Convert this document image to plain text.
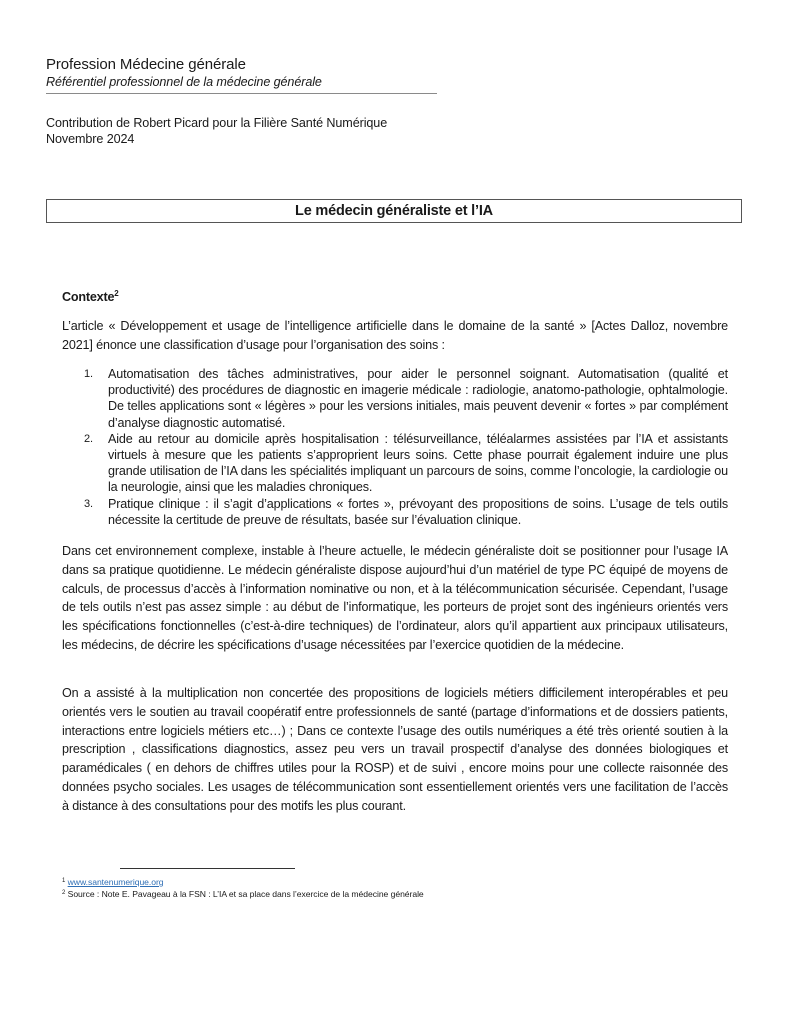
Profession Médecine générale
Référentiel professionnel de la médecine générale
Contribution de Robert Picard pour la Filière Santé Numérique
Novembre 2024
Le médecin généraliste et l’IA
Contexte$^2$
L’article « Développement et usage de l’intelligence artificielle dans le domaine de la santé » [Actes Dalloz, novembre 2021] énonce une classification d’usage pour l’organisation des soins :
1. Automatisation des tâches administratives, pour aider le personnel soignant. Automatisation (qualité et productivité) des procédures de diagnostic en imagerie médicale : radiologie, anatomo-pathologie, ophtalmologie. De telles applications sont « légères » pour les versions initiales, mais peuvent devenir « fortes » par complément d’analyse diagnostic automatisé.
2. Aide au retour au domicile après hospitalisation : télésurveillance, téléalarmes assistées par l’IA et assistants virtuels à mesure que les patients s’approprient leurs soins. Cette phase pourrait également induire une plus grande utilisation de l’IA dans les spécialités impliquant un parcours de soins, comme l’oncologie, la cardiologie ou la neurologie, ainsi que les maladies chroniques.
3. Pratique clinique : il s’agit d’applications « fortes », prévoyant des propositions de soins. L’usage de tels outils nécessite la certitude de preuve de résultats, basée sur l’évaluation clinique.
Dans cet environnement complexe, instable à l’heure actuelle, le médecin généraliste doit se positionner pour l’usage IA dans sa pratique quotidienne. Le médecin généraliste dispose aujourd’hui d’un matériel de type PC équipé de moyens de calculs, de processus d’accès à l’information nominative ou non, et à la télécommunication sécurisée. Cependant, l’usage de tels outils n’est pas assez simple : au début de l’informatique, les porteurs de projet sont des ingénieurs orientés vers les spécifications fonctionnelles (c’est-à-dire techniques) de l’ordinateur, alors qu’il appartient aux principaux utilisateurs, les médecins, de décrire les spécifications d’usage nécessitées par l’exercice quotidien de la médecine.
On a assisté à la multiplication non concertée des propositions de logiciels métiers difficilement interopérables et peu orientés vers le soutien au travail coopératif entre professionnels de santé (partage d’informations et de dossiers patients, interactions entre logiciels métiers etc…) ; Dans ce contexte l’usage des outils numériques a été très orienté soutien à la prescription , classifications diagnostics, assez peu vers un travail prospectif d’analyse des données biologiques et paramédicales ( en dehors de chiffres utiles pour la ROSP) et de suivi , encore moins pour une collecte raisonnée des données psycho sociales. Les usages de télécommunication sont essentiellement orientés vers une facilitation de l’accès à distance à des consultations pour des motifs les plus courant.
$^1$ www.santenumerique.org
$^2$ Source : Note E. Pavageau à la FSN : L’IA et sa place dans l’exercice de la médecine générale
